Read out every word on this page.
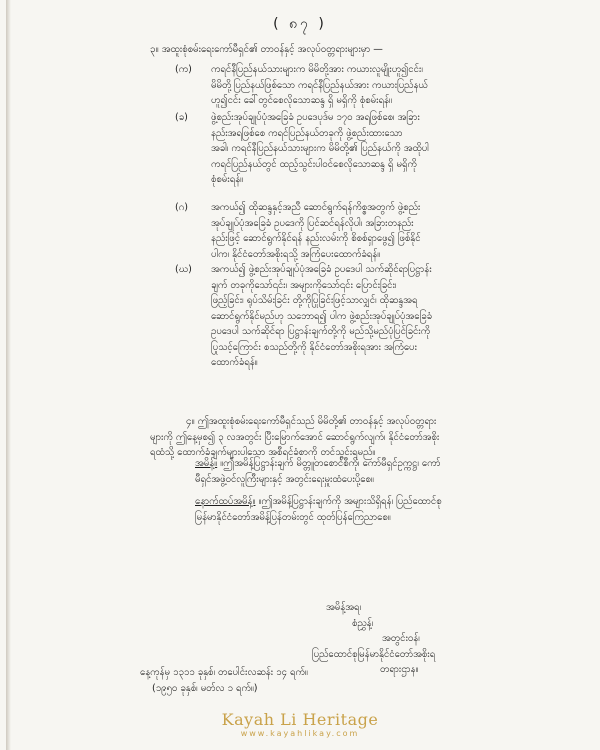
( ၈၇ )

၃။ အထူးစုံစမ်းရေးကော်မီရှင်၏ တာဝန်နှင့် အလုပ်ဝတ္တရားများမှာ —

(က) ကရင်နီပြည်နယ်သားများက မိမိတို့အား ကယားလူမျိုးဟူ၍ငင်း၊

မိမိတို့ပြည်နယ်ဖြစ်သော ကရင်နီပြည်နယ်အား ကယားပြည်နယ်

ဟူ၍ငင်း ခေါ်တွင်စေလိုသောဆန္ဒ ရှိ မရှိကို စုံစမ်းရန်။

(ခ) ဖွဲ့စည်းအုပ်ချုပ်ပုံအခြေခံ ဥပဒေပုဒ်မ ၁၇၀ အရဖြစ်စေ၊ အခြား

နည်းအရဖြစ်စေ ကရင်ပြည်နယ်တခုကို ဖွဲ့စည်းထားသော

အခါ၊ ကရင်နီပြည်နယ်သားများက မိမိတို့၏ ပြည်နယ်ကို အထိုပါ

ကရင်ပြည်နယ်တွင် ထည့်သွင်းပါဝင်စေလိုသောဆန္ဒ ရှိ မရှိကို

စုံစမ်းရန်။

(ဂ) အကယ်၍ ထိုဆန္ဒနှင့်အညီ ဆောင်ရွက်ရန်ကိစ္စအတွက် ဖွဲ့စည်း

အုပ်ချုပ်ပုံအခြေခံ ဥပဒေကို ပြင်ဆင်ရန်လိုပါ၊ အခြားတနည်း

နည်းဖြင့် ဆောင်ရွက်နိုင်ရန် နည်းလမ်းကို စိစစ်ရှာဖွေ၍ ဖြစ်နိုင်

ပါက၊ နိုင်ငံတော်အစိုးရသို့ အကြံပေးထောက်ခံရန်။

(ဃ) အကယ်၍ ဖွဲ့စည်းအုပ်ချုပ်ပုံအခြေခံ ဥပဒေပါ သက်ဆိုင်ရာပြဋ္ဌာန်း

ချက် တခုကိုသော်၎င်း၊ အများကိုသော်၎င်း ပြောင်းခြင်း၊

ဖြည့်ခြင်း၊ ရုပ်သိမ်းခြင်း တို့ကိုပြုခြင်းဖြင့်သာလျှင်၊ ထိုဆန္ဒအရ

ဆောင်ရွက်နိုင်မည်ဟု သဘောရ၍ ပါက ဖွဲ့စည်းအုပ်ချုပ်ပုံအခြေခံ

ဥပဒေပါ သက်ဆိုင်ရာ ပြဋ္ဌာန်းချက်တို့ကို မည်သို့မည်ပုံပြင်ခြင်းကို

ပြုသင့်ကြောင်း စသည်တို့ကို နိုင်ငံတော်အစိုးရအား အကြံပေး

ထောက်ခံရန်။

၄။ ဤအထူးစုံစမ်းရေးကော်မီရှင်သည် မိမိတို့၏ တာဝန်နှင့် အလုပ်ဝတ္တရား

များကို ဤနေ့မှစ၍ ၃ လအတွင်း ပြီးမြောက်အောင် ဆောင်ရွက်လျက်၊ နိုင်ငံတော်အစိုး

ရထံသို့ ထောက်ခံချက်များပါသော အစီရင်ခံစာကို တင်သွင်းရမည်။

အမိန့်။ ။ဤအမိန့်ပြဋ္ဌာန်းချက် မိတ္တူတစောင်စီကို၊ ကော်မီရှင်ဥက္ကဋ္ဌ၊ ကော်

မီရှင်အဖွဲ့ဝင်လူကြီးများနှင့် အတွင်းရေးမှူးထံပေးပို့စေ။

နောက်ထပ်အမိန့်။ ။ဤအမိန့်ပြဋ္ဌာန်းချက်ကို အများသိရှိရန်၊ ပြည်ထောင်စု

မြန်မာနိုင်ငံတော်အမိန့်ပြန်တမ်းတွင် ထုတ်ပြန်ကြေညာစေ။

အမိန့်အရ၊

စံညွှန့်၊

အတွင်းဝန်၊

ပြည်ထောင်စုမြန်မာနိုင်ငံတော်အစိုးရ

တရားဌာန။

နေ့ကုန်မှ ၁၃၁၁ ခုနှစ်၊ တပေါင်းလဆန်း ၁၄ ရက်။

(၁၉၅၀ ခုနှစ်၊ မတ်လ ၁ ရက်။)

Kayah Li Heritage
www.kayahlikay.com
